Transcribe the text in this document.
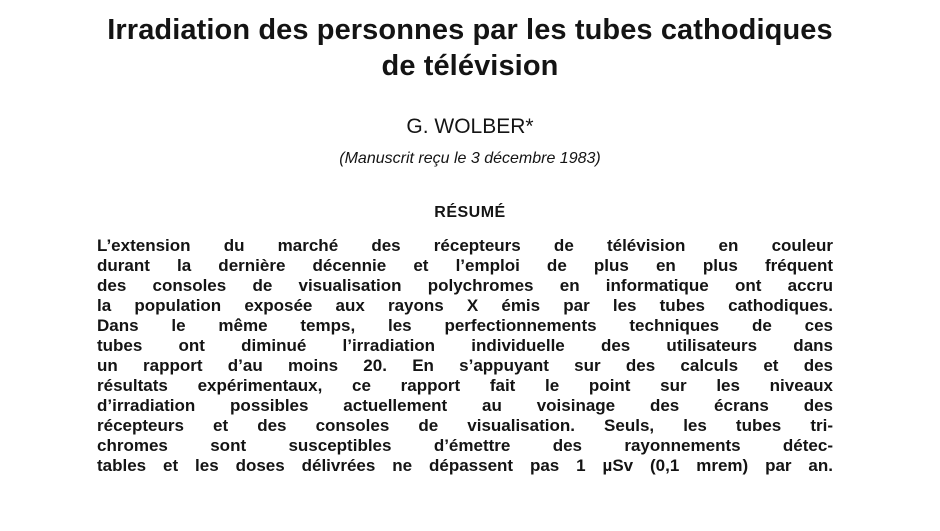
Irradiation des personnes par les tubes cathodiques
de télévision

G. WOLBER*

(Manuscrit reçu le 3 décembre 1983)

RÉSUMÉ
L’extension du marché des récepteurs de télévision en couleur
durant la dernière décennie et l’emploi de plus en plus fréquent
des consoles de visualisation polychromes en informatique ont accru
la population exposée aux rayons X émis par les tubes cathodiques.
Dans le même temps, les perfectionnements techniques de ces
tubes ont diminué l’irradiation individuelle des utilisateurs dans
un rapport d’au moins 20. En s’appuyant sur des calculs et des
résultats expérimentaux, ce rapport fait le point sur les niveaux
d’irradiation possibles actuellement au voisinage des écrans des
récepteurs et des consoles de visualisation. Seuls, les tubes tri-
chromes sont susceptibles d’émettre des rayonnements détec-
tables et les doses délivrées ne dépassent pas 1 µSv (0,1 mrem) par an.
